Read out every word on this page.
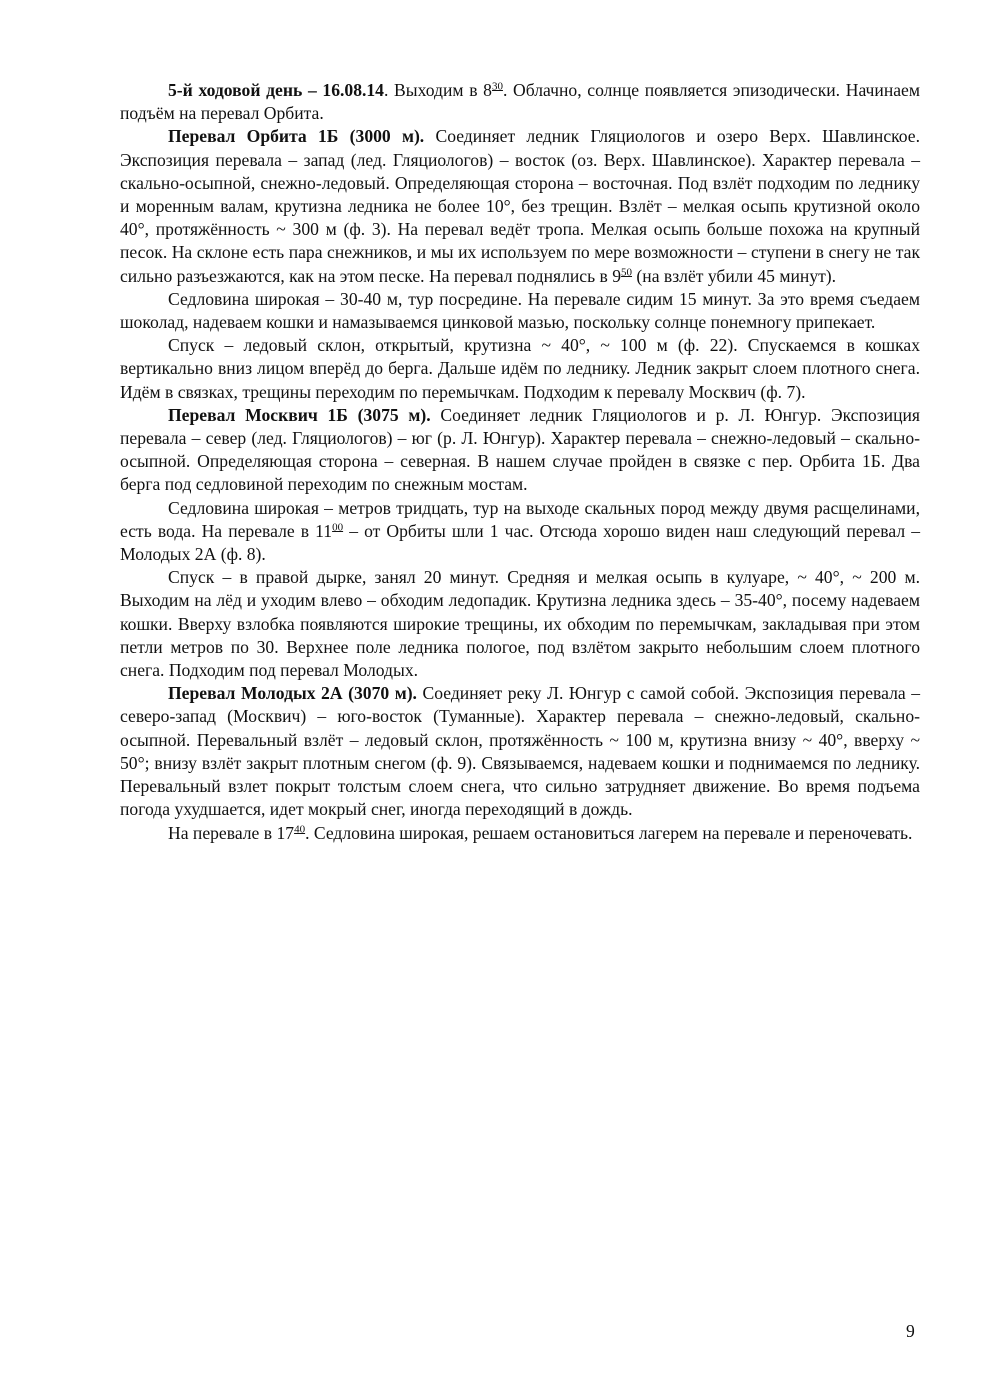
5-й ходовой день – 16.08.14. Выходим в $8^{30}$. Облачно, солнце появляется эпизодически. Начинаем подъём на перевал Орбита.

Перевал Орбита 1Б (3000 м). Соединяет ледник Гляциологов и озеро Верх. Шавлинское. Экспозиция перевала – запад (лед. Гляциологов) – восток (оз. Верх. Шавлинское). Характер перевала – скально-осыпной, снежно-ледовый. Определяющая сторона – восточная. Под взлёт подходим по леднику и моренным валам, крутизна ледника не более 10°, без трещин. Взлёт – мелкая осыпь крутизной около 40°, протяжённость ~ 300 м (ф. 3). На перевал ведёт тропа. Мелкая осыпь больше похожа на крупный песок. На склоне есть пара снежников, и мы их используем по мере возможности – ступени в снегу не так сильно разъезжаются, как на этом песке. На перевал поднялись в $9^{50}$ (на взлёт убили 45 минут).

Седловина широкая – 30-40 м, тур посредине. На перевале сидим 15 минут. За это время съедаем шоколад, надеваем кошки и намазываемся цинковой мазью, поскольку солнце понемногу припекает.

Спуск – ледовый склон, открытый, крутизна ~ 40°, ~ 100 м (ф. 22). Спускаемся в кошках вертикально вниз лицом вперёд до берга. Дальше идём по леднику. Ледник закрыт слоем плотного снега. Идём в связках, трещины переходим по перемычкам. Подходим к перевалу Москвич (ф. 7).

Перевал Москвич 1Б (3075 м). Соединяет ледник Гляциологов и р. Л. Юнгур. Экспозиция перевала – север (лед. Гляциологов) – юг (р. Л. Юнгур). Характер перевала – снежно-ледовый – скально-осыпной. Определяющая сторона – северная. В нашем случае пройден в связке с пер. Орбита 1Б. Два берга под седловиной переходим по снежным мостам.

Седловина широкая – метров тридцать, тур на выходе скальных пород между двумя расщелинами, есть вода. На перевале в $11^{00}$ – от Орбиты шли 1 час. Отсюда хорошо виден наш следующий перевал – Молодых 2А (ф. 8).

Спуск – в правой дырке, занял 20 минут. Средняя и мелкая осыпь в кулуаре, ~ 40°, ~ 200 м. Выходим на лёд и уходим влево – обходим ледопадик. Крутизна ледника здесь – 35-40°, посему надеваем кошки. Вверху взлобка появляются широкие трещины, их обходим по перемычкам, закладывая при этом петли метров по 30. Верхнее поле ледника пологое, под взлётом закрыто небольшим слоем плотного снега. Подходим под перевал Молодых.

Перевал Молодых 2А (3070 м). Соединяет реку Л. Юнгур с самой собой. Экспозиция перевала – северо-запад (Москвич) – юго-восток (Туманные). Характер перевала – снежно-ледовый, скально-осыпной. Перевальный взлёт – ледовый склон, протяжённость ~ 100 м, крутизна внизу ~ 40°, вверху ~ 50°; внизу взлёт закрыт плотным снегом (ф. 9). Связываемся, надеваем кошки и поднимаемся по леднику. Перевальный взлет покрыт толстым слоем снега, что сильно затрудняет движение. Во время подъема погода ухудшается, идет мокрый снег, иногда переходящий в дождь.

На перевале в $17^{40}$. Седловина широкая, решаем остановиться лагерем на перевале и переночевать.

9
